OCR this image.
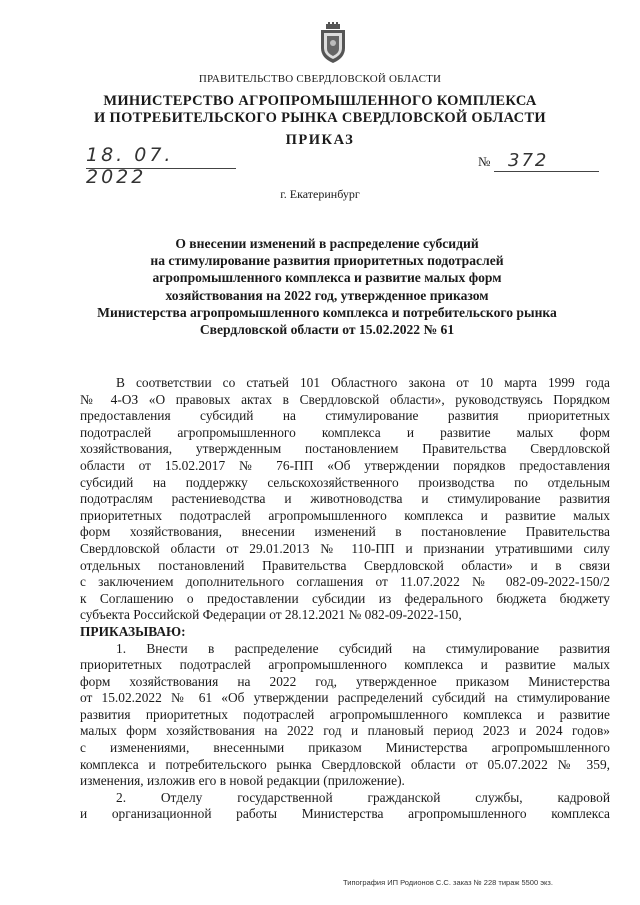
ПРАВИТЕЛЬСТВО СВЕРДЛОВСКОЙ ОБЛАСТИ
МИНИСТЕРСТВО АГРОПРОМЫШЛЕННОГО КОМПЛЕКСА
И ПОТРЕБИТЕЛЬСКОГО РЫНКА СВЕРДЛОВСКОЙ ОБЛАСТИ
ПРИКАЗ
18. 07. 2022
№ 372
г. Екатеринбург
О внесении изменений в распределение субсидий
на стимулирование развития приоритетных подотраслей
агропромышленного комплекса и развитие малых форм
хозяйствования на 2022 год, утвержденное приказом
Министерства агропромышленного комплекса и потребительского рынка
Свердловской области от 15.02.2022 № 61
В соответствии со статьей 101 Областного закона от 10 марта 1999 года
№ 4-ОЗ «О правовых актах в Свердловской области», руководствуясь Порядком
предоставления субсидий на стимулирование развития приоритетных
подотраслей агропромышленного комплекса и развитие малых форм
хозяйствования, утвержденным постановлением Правительства Свердловской
области от 15.02.2017 № 76-ПП «Об утверждении порядков предоставления
субсидий на поддержку сельскохозяйственного производства по отдельным
подотраслям растениеводства и животноводства и стимулирование развития
приоритетных подотраслей агропромышленного комплекса и развитие малых
форм хозяйствования, внесении изменений в постановление Правительства
Свердловской области от 29.01.2013 № 110-ПП и признании утратившими силу
отдельных постановлений Правительства Свердловской области» и в связи
с заключением дополнительного соглашения от 11.07.2022 № 082-09-2022-150/2
к Соглашению о предоставлении субсидии из федерального бюджета бюджету
субъекта Российской Федерации от 28.12.2021 № 082-09-2022-150,
ПРИКАЗЫВАЮ:
1. Внести в распределение субсидий на стимулирование развития
приоритетных подотраслей агропромышленного комплекса и развитие малых
форм хозяйствования на 2022 год, утвержденное приказом Министерства
от 15.02.2022 № 61 «Об утверждении распределений субсидий на стимулирование
развития приоритетных подотраслей агропромышленного комплекса и развитие
малых форм хозяйствования на 2022 год и плановый период 2023 и 2024 годов»
с изменениями, внесенными приказом Министерства агропромышленного
комплекса и потребительского рынка Свердловской области от 05.07.2022 № 359,
изменения, изложив его в новой редакции (приложение).
2. Отделу государственной гражданской службы, кадровой
и организационной работы Министерства агропромышленного комплекса
Типография ИП Родионов С.С. заказ № 228 тираж 5500 экз.
